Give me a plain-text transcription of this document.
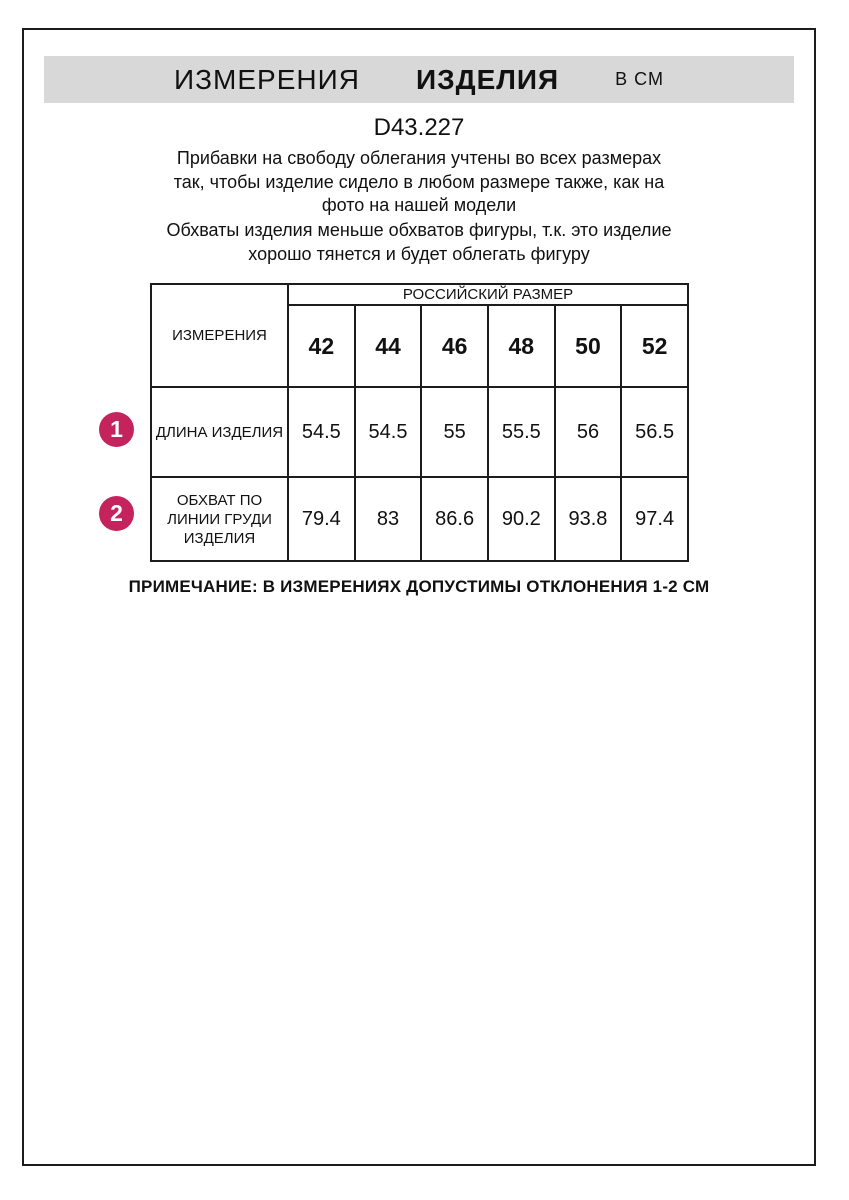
ИЗМЕРЕНИЯ ИЗДЕЛИЯ	В СМ
D43.227
Прибавки на свободу облегания учтены во всех размерах
так, чтобы изделие сидело в любом размере также, как на
фото на нашей модели
Обхваты изделия меньше обхватов фигуры, т.к. это изделие
хорошо тянется и будет облегать фигуру
ИЗМЕРЕНИЯ	РОССИЙСКИЙ РАЗМЕР					
	42	44	46	48	50	52
ДЛИНА ИЗДЕЛИЯ	54.5	54.5	55	55.5	56	56.5
ОБХВАТ ПО ЛИНИИ ГРУДИ ИЗДЕЛИЯ	79.4	83	86.6	90.2	93.8	97.4
1
2
ПРИМЕЧАНИЕ: В ИЗМЕРЕНИЯХ ДОПУСТИМЫ ОТКЛОНЕНИЯ 1-2 СМ
